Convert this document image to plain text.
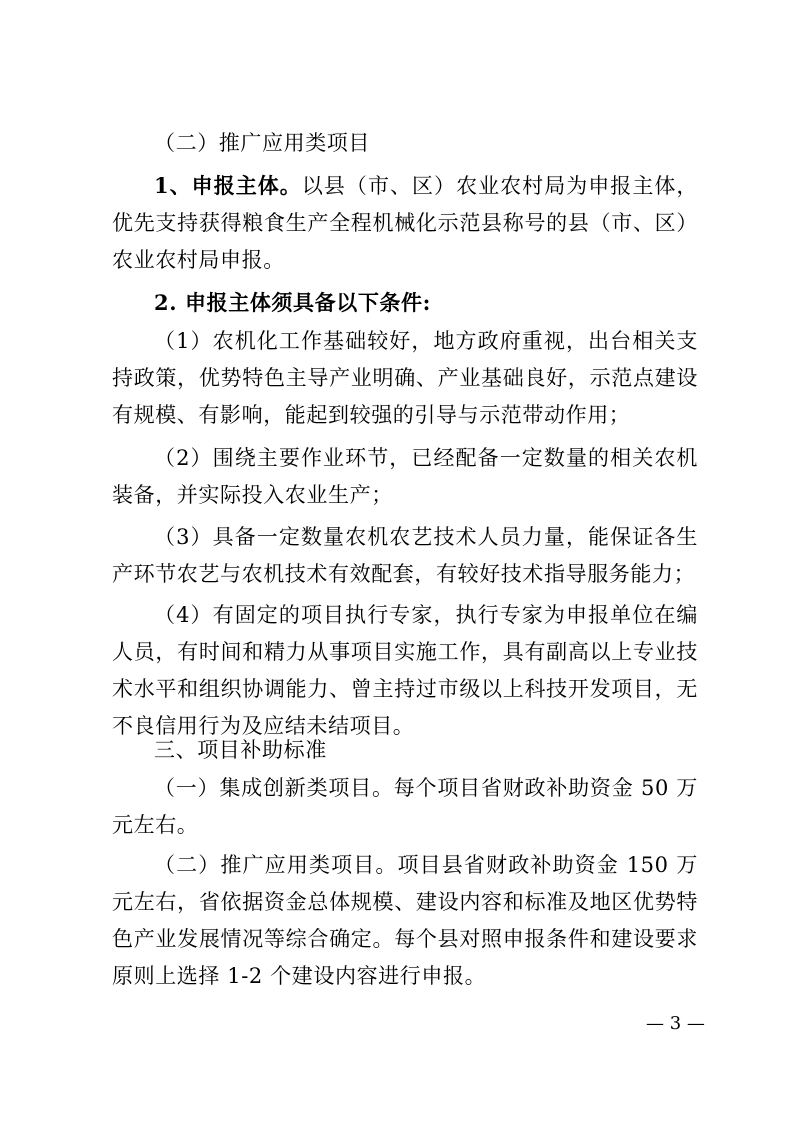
（二）推广应用类项目

1、申报主体。以县（市、区）农业农村局为申报主体，优先支持获得粮食生产全程机械化示范县称号的县（市、区）农业农村局申报。

2. 申报主体须具备以下条件:

（1）农机化工作基础较好，地方政府重视，出台相关支持政策，优势特色主导产业明确、产业基础良好，示范点建设有规模、有影响，能起到较强的引导与示范带动作用；

（2）围绕主要作业环节，已经配备一定数量的相关农机装备，并实际投入农业生产；

（3）具备一定数量农机农艺技术人员力量，能保证各生产环节农艺与农机技术有效配套，有较好技术指导服务能力；

（4）有固定的项目执行专家，执行专家为申报单位在编人员，有时间和精力从事项目实施工作，具有副高以上专业技术水平和组织协调能力、曾主持过市级以上科技开发项目，无不良信用行为及应结未结项目。

三、项目补助标准

（一）集成创新类项目。每个项目省财政补助资金 50 万元左右。

（二）推广应用类项目。项目县省财政补助资金 150 万元左右，省依据资金总体规模、建设内容和标准及地区优势特色产业发展情况等综合确定。每个县对照申报条件和建设要求原则上选择 1-2 个建设内容进行申报。

— 3 —
